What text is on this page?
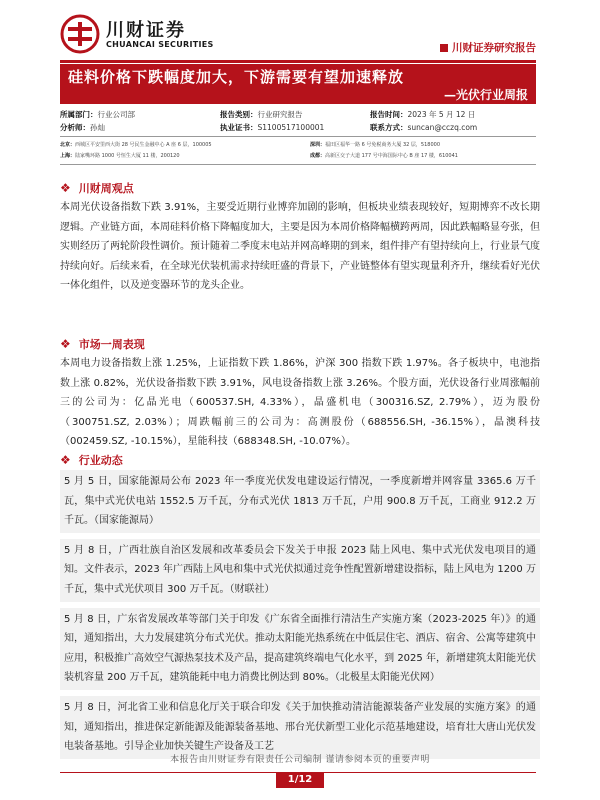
川财证券
CHUANCAI SECURITIES	川财证券研究报告
硅料价格下跌幅度加大，下游需要有望加速释放
—光伏行业周报
所属部门：行业公司部	报告类别：行业研究报告	报告时间：2023 年 5 月 12 日
分析师：孙灿	执业证书：S1100517100001	联系方式：suncan@cczq.com
北京：西城区平安里西大街 28 号民生金融中心 A 座 6 层，100005	深圳：福田区福华一路 6 号免税商务大厦 32 层，518000
上海：陆家嘴环路 1000 号恒生大厦 11 楼，200120	成都：高新区交子大道 177 号中海国际中心 B 座 17 楼，610041
❖ 川财周观点

本周光伏设备指数下跌 3.91%，主要受近期行业博弈加剧的影响，但板块业绩表现较好，短期博弈不改长期逻辑。产业链方面，本周硅料价格下降幅度加大，主要是因为本周价格降幅横跨两周，因此跌幅略显夸张，但实则经历了两轮阶段性调价。预计随着二季度末电站并网高峰期的到来，组件排产有望持续向上，行业景气度持续向好。后续来看，在全球光伏装机需求持续旺盛的背景下，产业链整体有望实现量利齐升，继续看好光伏一体化组件，以及逆变器环节的龙头企业。

❖ 市场一周表现

本周电力设备指数上涨 1.25%，上证指数下跌 1.86%，沪深 300 指数下跌 1.97%。各子板块中，电池指数上涨 0.82%，光伏设备指数下跌 3.91%，风电设备指数上涨 3.26%。个股方面，光伏设备行业周涨幅前三的公司为：亿晶光电（600537.SH, 4.33%），晶盛机电（300316.SZ, 2.79%），迈为股份（300751.SZ, 2.03%）；周跌幅前三的公司为：高测股份（688556.SH, -36.15%），晶澳科技（002459.SZ, -10.15%），星能科技（688348.SH, -10.07%）。

❖ 行业动态

5 月 5 日，国家能源局公布 2023 年一季度光伏发电建设运行情况，一季度新增并网容量 3365.6 万千瓦，集中式光伏电站 1552.5 万千瓦，分布式光伏 1813 万千瓦，户用 900.8 万千瓦，工商业 912.2 万千瓦。（国家能源局）

5 月 8 日，广西壮族自治区发展和改革委员会下发关于申报 2023 陆上风电、集中式光伏发电项目的通知。文件表示，2023 年广西陆上风电和集中式光伏拟通过竞争性配置新增建设指标，陆上风电为 1200 万千瓦，集中式光伏项目 300 万千瓦。（财联社）

5 月 8 日，广东省发展改革等部门关于印发《广东省全面推行清洁生产实施方案（2023-2025 年）》的通知，通知指出，大力发展建筑分布式光伏。推动太阳能光热系统在中低层住宅、酒店、宿舍、公寓等建筑中应用，积极推广高效空气源热泵技术及产品，提高建筑终端电气化水平，到 2025 年，新增建筑太阳能光伏装机容量 200 万千瓦，建筑能耗中电力消费比例达到 80%。（北极星太阳能光伏网）

5 月 8 日，河北省工业和信息化厅关于联合印发《关于加快推动清洁能源装备产业发展的实施方案》的通知，通知指出，推进保定新能源及能源装备基地、邢台光伏新型工业化示范基地建设，培育壮大唐山光伏发电装备基地。引导企业加快关键生产设备及工艺

本报告由川财证券有限责任公司编制 谨请参阅本页的重要声明
1/12
